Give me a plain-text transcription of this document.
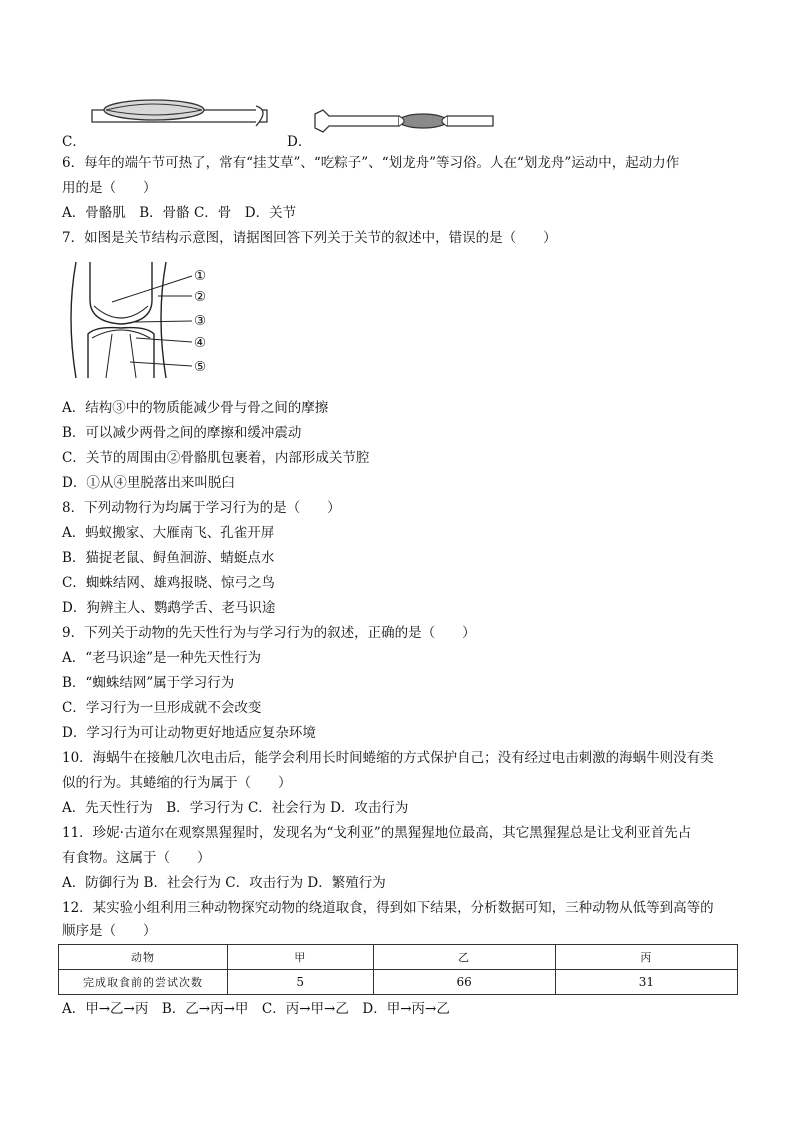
C．	D．
6．每年的端午节可热了，常有“挂艾草”、“吃粽子”、“划龙舟”等习俗。人在“划龙舟”运动中，起动力作
用的是（　　）
A．骨骼肌　B．骨骼 C．骨　D．关节
7．如图是关节结构示意图，请据图回答下列关于关节的叙述中，错误的是（　　）
①
②
③
④
⑤
A．结构③中的物质能减少骨与骨之间的摩擦
B．可以减少两骨之间的摩擦和缓冲震动
C．关节的周围由②骨骼肌包裹着，内部形成关节腔
D．①从④里脱落出来叫脱臼
8．下列动物行为均属于学习行为的是（　　）
A．蚂蚁搬家、大雁南飞、孔雀开屏
B．猫捉老鼠、鲟鱼洄游、蜻蜓点水
C．蜘蛛结网、雄鸡报晓、惊弓之鸟
D．狗辨主人、鹦鹉学舌、老马识途
9．下列关于动物的先天性行为与学习行为的叙述，正确的是（　　）
A．“老马识途”是一种先天性行为
B．“蜘蛛结网”属于学习行为
C．学习行为一旦形成就不会改变
D．学习行为可让动物更好地适应复杂环境
10．海蜗牛在接触几次电击后，能学会利用长时间蜷缩的方式保护自己；没有经过电击刺激的海蜗牛则没有类
似的行为。其蜷缩的行为属于（　　）
A．先天性行为　B．学习行为 C．社会行为 D．攻击行为
11．珍妮·古道尔在观察黑猩猩时，发现名为“戈利亚”的黑猩猩地位最高，其它黑猩猩总是让戈利亚首先占
有食物。这属于（　　）
A．防御行为 B．社会行为 C．攻击行为 D．繁殖行为
12．某实验小组利用三种动物探究动物的绕道取食，得到如下结果，分析数据可知，三种动物从低等到高等的
顺序是（　　）
动物	甲	乙	丙
完成取食前的尝试次数	5	66	31
A．甲→乙→丙　B．乙→丙→甲　C．丙→甲→乙　D．甲→丙→乙
